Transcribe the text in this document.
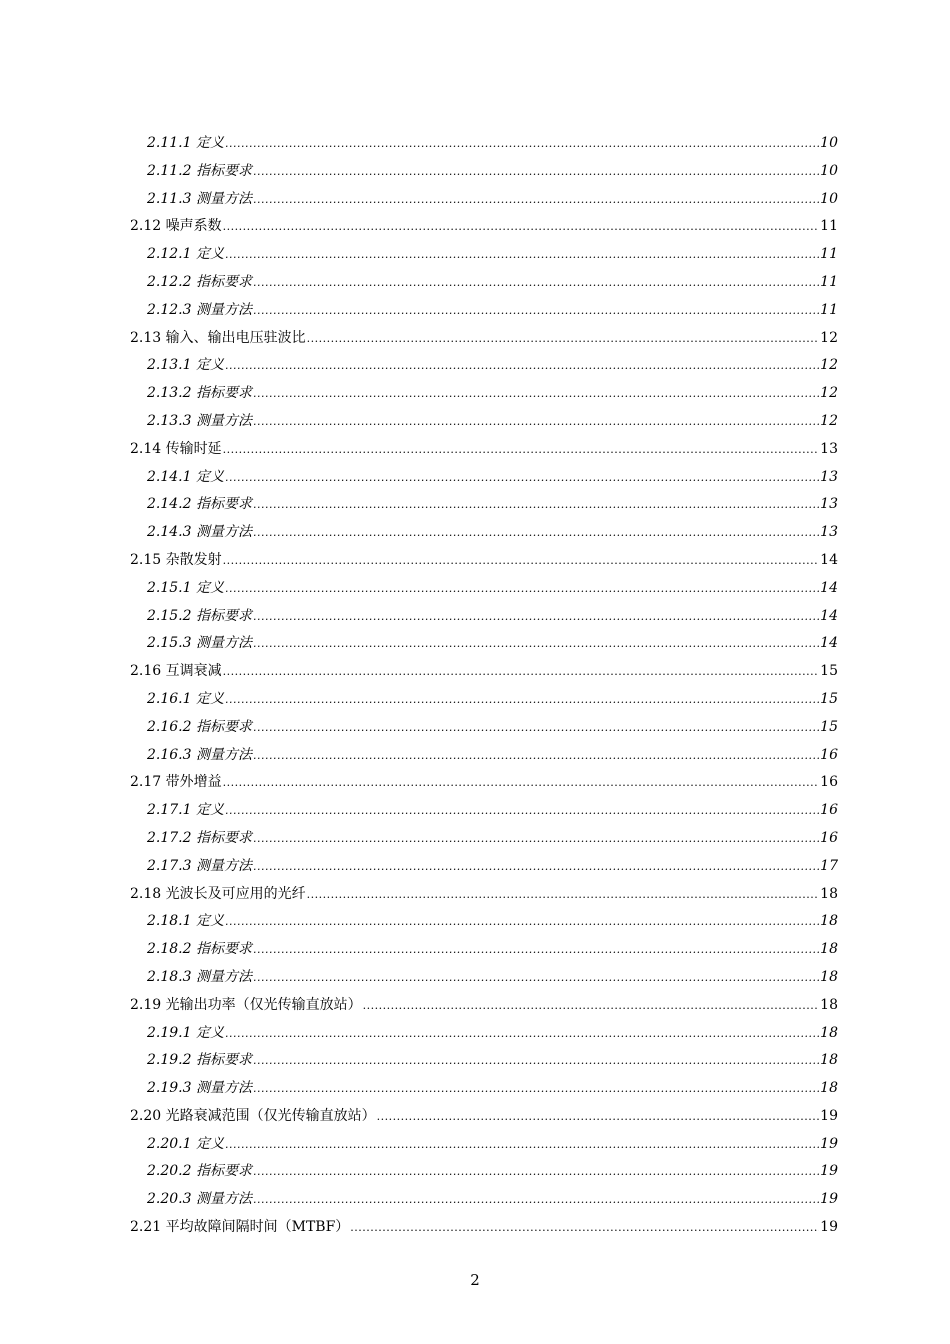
2.11.1 定义 .....	10
2.11.2 指标要求 .....	10
2.11.3 测量方法 .....	10
2.12 噪声系数 .....	11
2.12.1 定义 .....	11
2.12.2 指标要求 .....	11
2.12.3 测量方法 .....	11
2.13 输入、输出电压驻波比 .....	12
2.13.1 定义 .....	12
2.13.2 指标要求 .....	12
2.13.3 测量方法 .....	12
2.14 传输时延 .....	13
2.14.1 定义 .....	13
2.14.2 指标要求 .....	13
2.14.3 测量方法 .....	13
2.15 杂散发射 .....	14
2.15.1 定义 .....	14
2.15.2 指标要求 .....	14
2.15.3 测量方法 .....	14
2.16 互调衰减 .....	15
2.16.1 定义 .....	15
2.16.2 指标要求 .....	15
2.16.3 测量方法 .....	16
2.17 带外增益 .....	16
2.17.1 定义 .....	16
2.17.2 指标要求 .....	16
2.17.3 测量方法 .....	17
2.18 光波长及可应用的光纤 .....	18
2.18.1 定义 .....	18
2.18.2 指标要求 .....	18
2.18.3 测量方法 .....	18
2.19 光输出功率（仅光传输直放站） .....	18
2.19.1 定义 .....	18
2.19.2 指标要求 .....	18
2.19.3 测量方法 .....	18
2.20 光路衰减范围（仅光传输直放站） .....	19
2.20.1 定义 .....	19
2.20.2 指标要求 .....	19
2.20.3 测量方法 .....	19
2.21 平均故障间隔时间（MTBF） .....	19
2
